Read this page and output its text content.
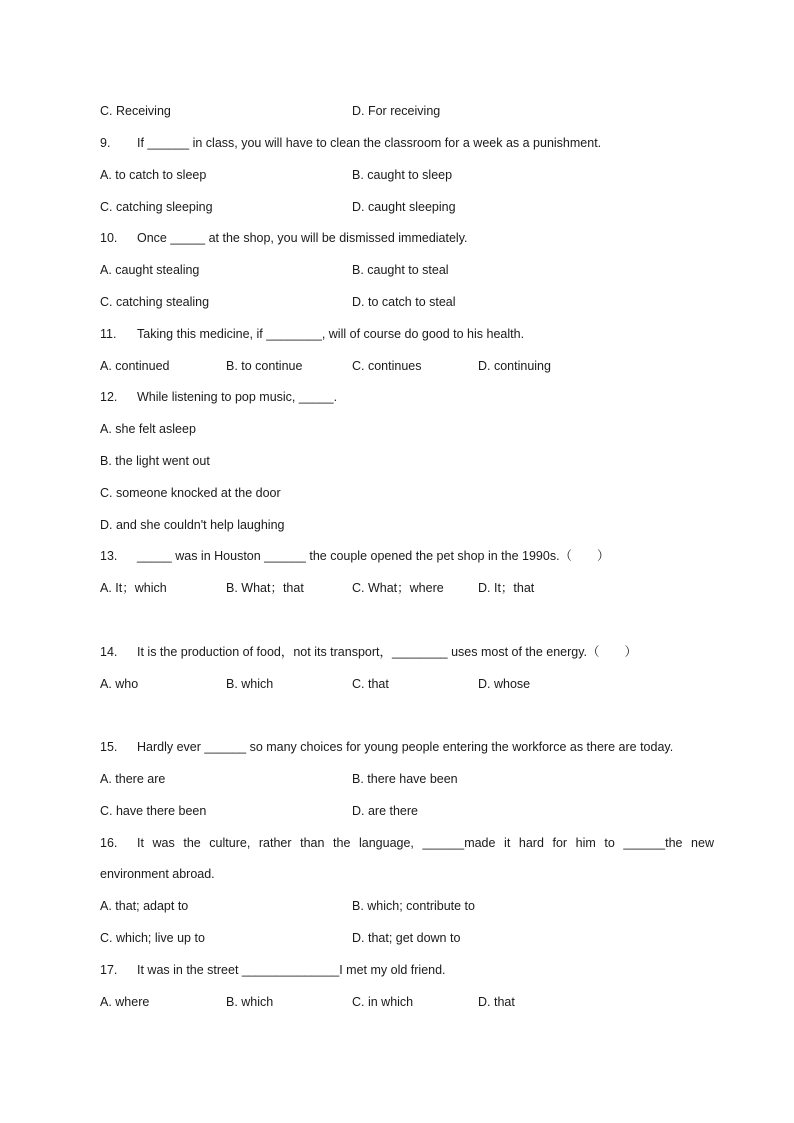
C. Receiving	D. For receiving
9. If ______ in class, you will have to clean the classroom for a week as a punishment.
A. to catch to sleep	B. caught to sleep
C. catching sleeping	D. caught sleeping
10. Once _____ at the shop, you will be dismissed immediately.
A. caught stealing	B. caught to steal
C. catching stealing	D. to catch to steal
11. Taking this medicine, if ________, will of course do good to his health.
A. continued	B. to continue	C. continues	D. continuing
12. While listening to pop music, _____.
A. she felt asleep
B. the light went out
C. someone knocked at the door
D. and she couldn't help laughing
13. _____ was in Houston ______ the couple opened the pet shop in the 1990s.（　　）
A. It；which	B. What；that	C. What；where	D. It；that
14. It is the production of food，not its transport，________ uses most of the energy.（　　）
A. who	B. which	C. that	D. whose
15. Hardly ever ______ so many choices for young people entering the workforce as there are today.
A. there are	B. there have been
C. have there been	D. are there
16. It was the culture, rather than the language, ______made it hard for him to ______the new
environment abroad.
A. that; adapt to	B. which; contribute to
C. which; live up to	D. that; get down to
17. It was in the street ______________I met my old friend.
A. where	B. which	C. in which	D. that
